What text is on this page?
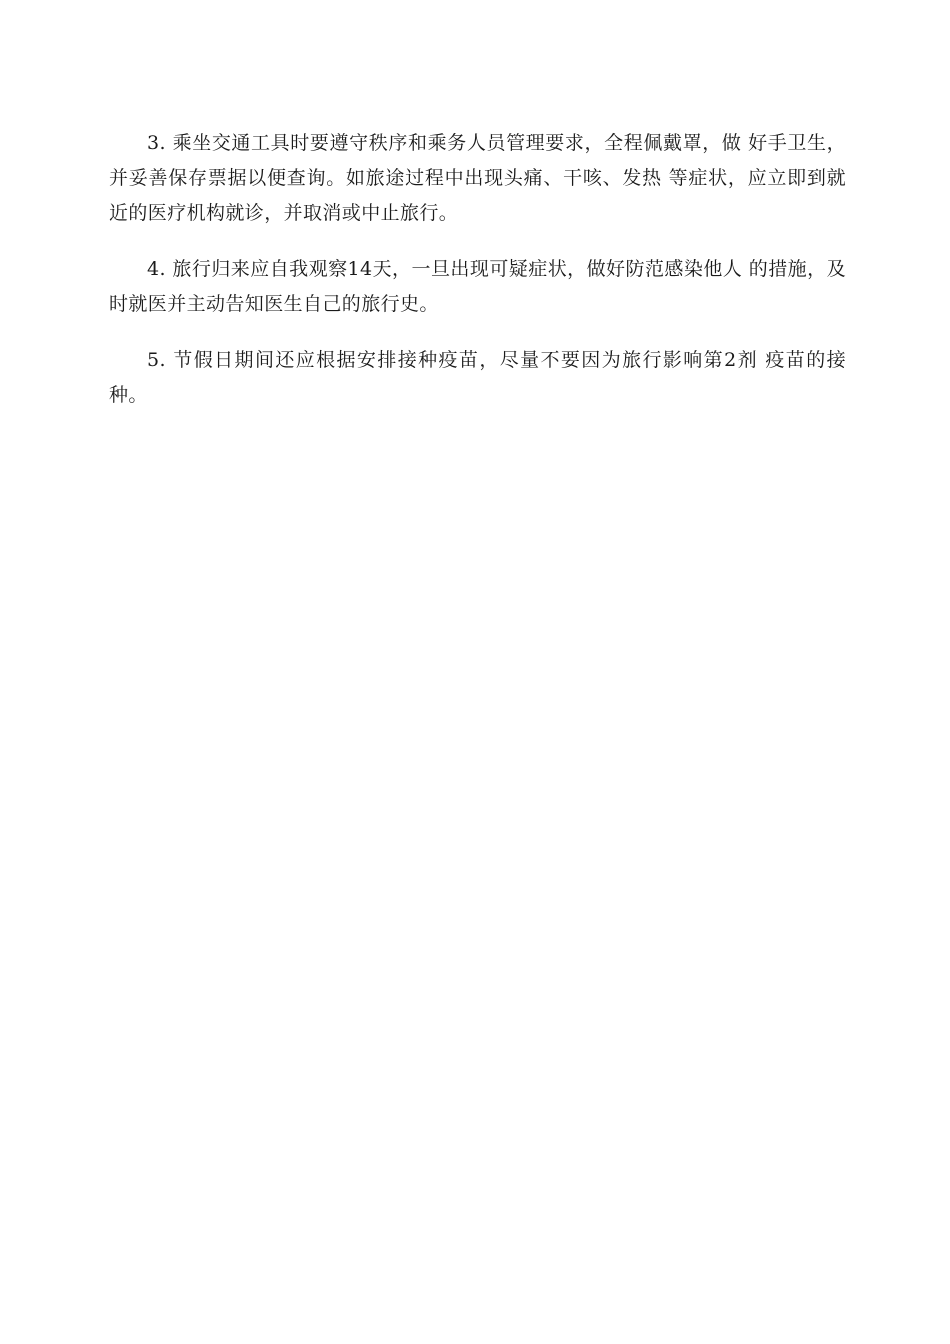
3. 乘坐交通工具时要遵守秩序和乘务人员管理要求，全程佩戴罩，做 好手卫生，并妥善保存票据以便查询。如旅途过程中出现头痛、干咳、发热 等症状，应立即到就近的医疗机构就诊，并取消或中止旅行。

4. 旅行归来应自我观察14天，一旦出现可疑症状，做好防范感染他人 的措施，及时就医并主动告知医生自己的旅行史。

5. 节假日期间还应根据安排接种疫苗，尽量不要因为旅行影响第2剂 疫苗的接种。
